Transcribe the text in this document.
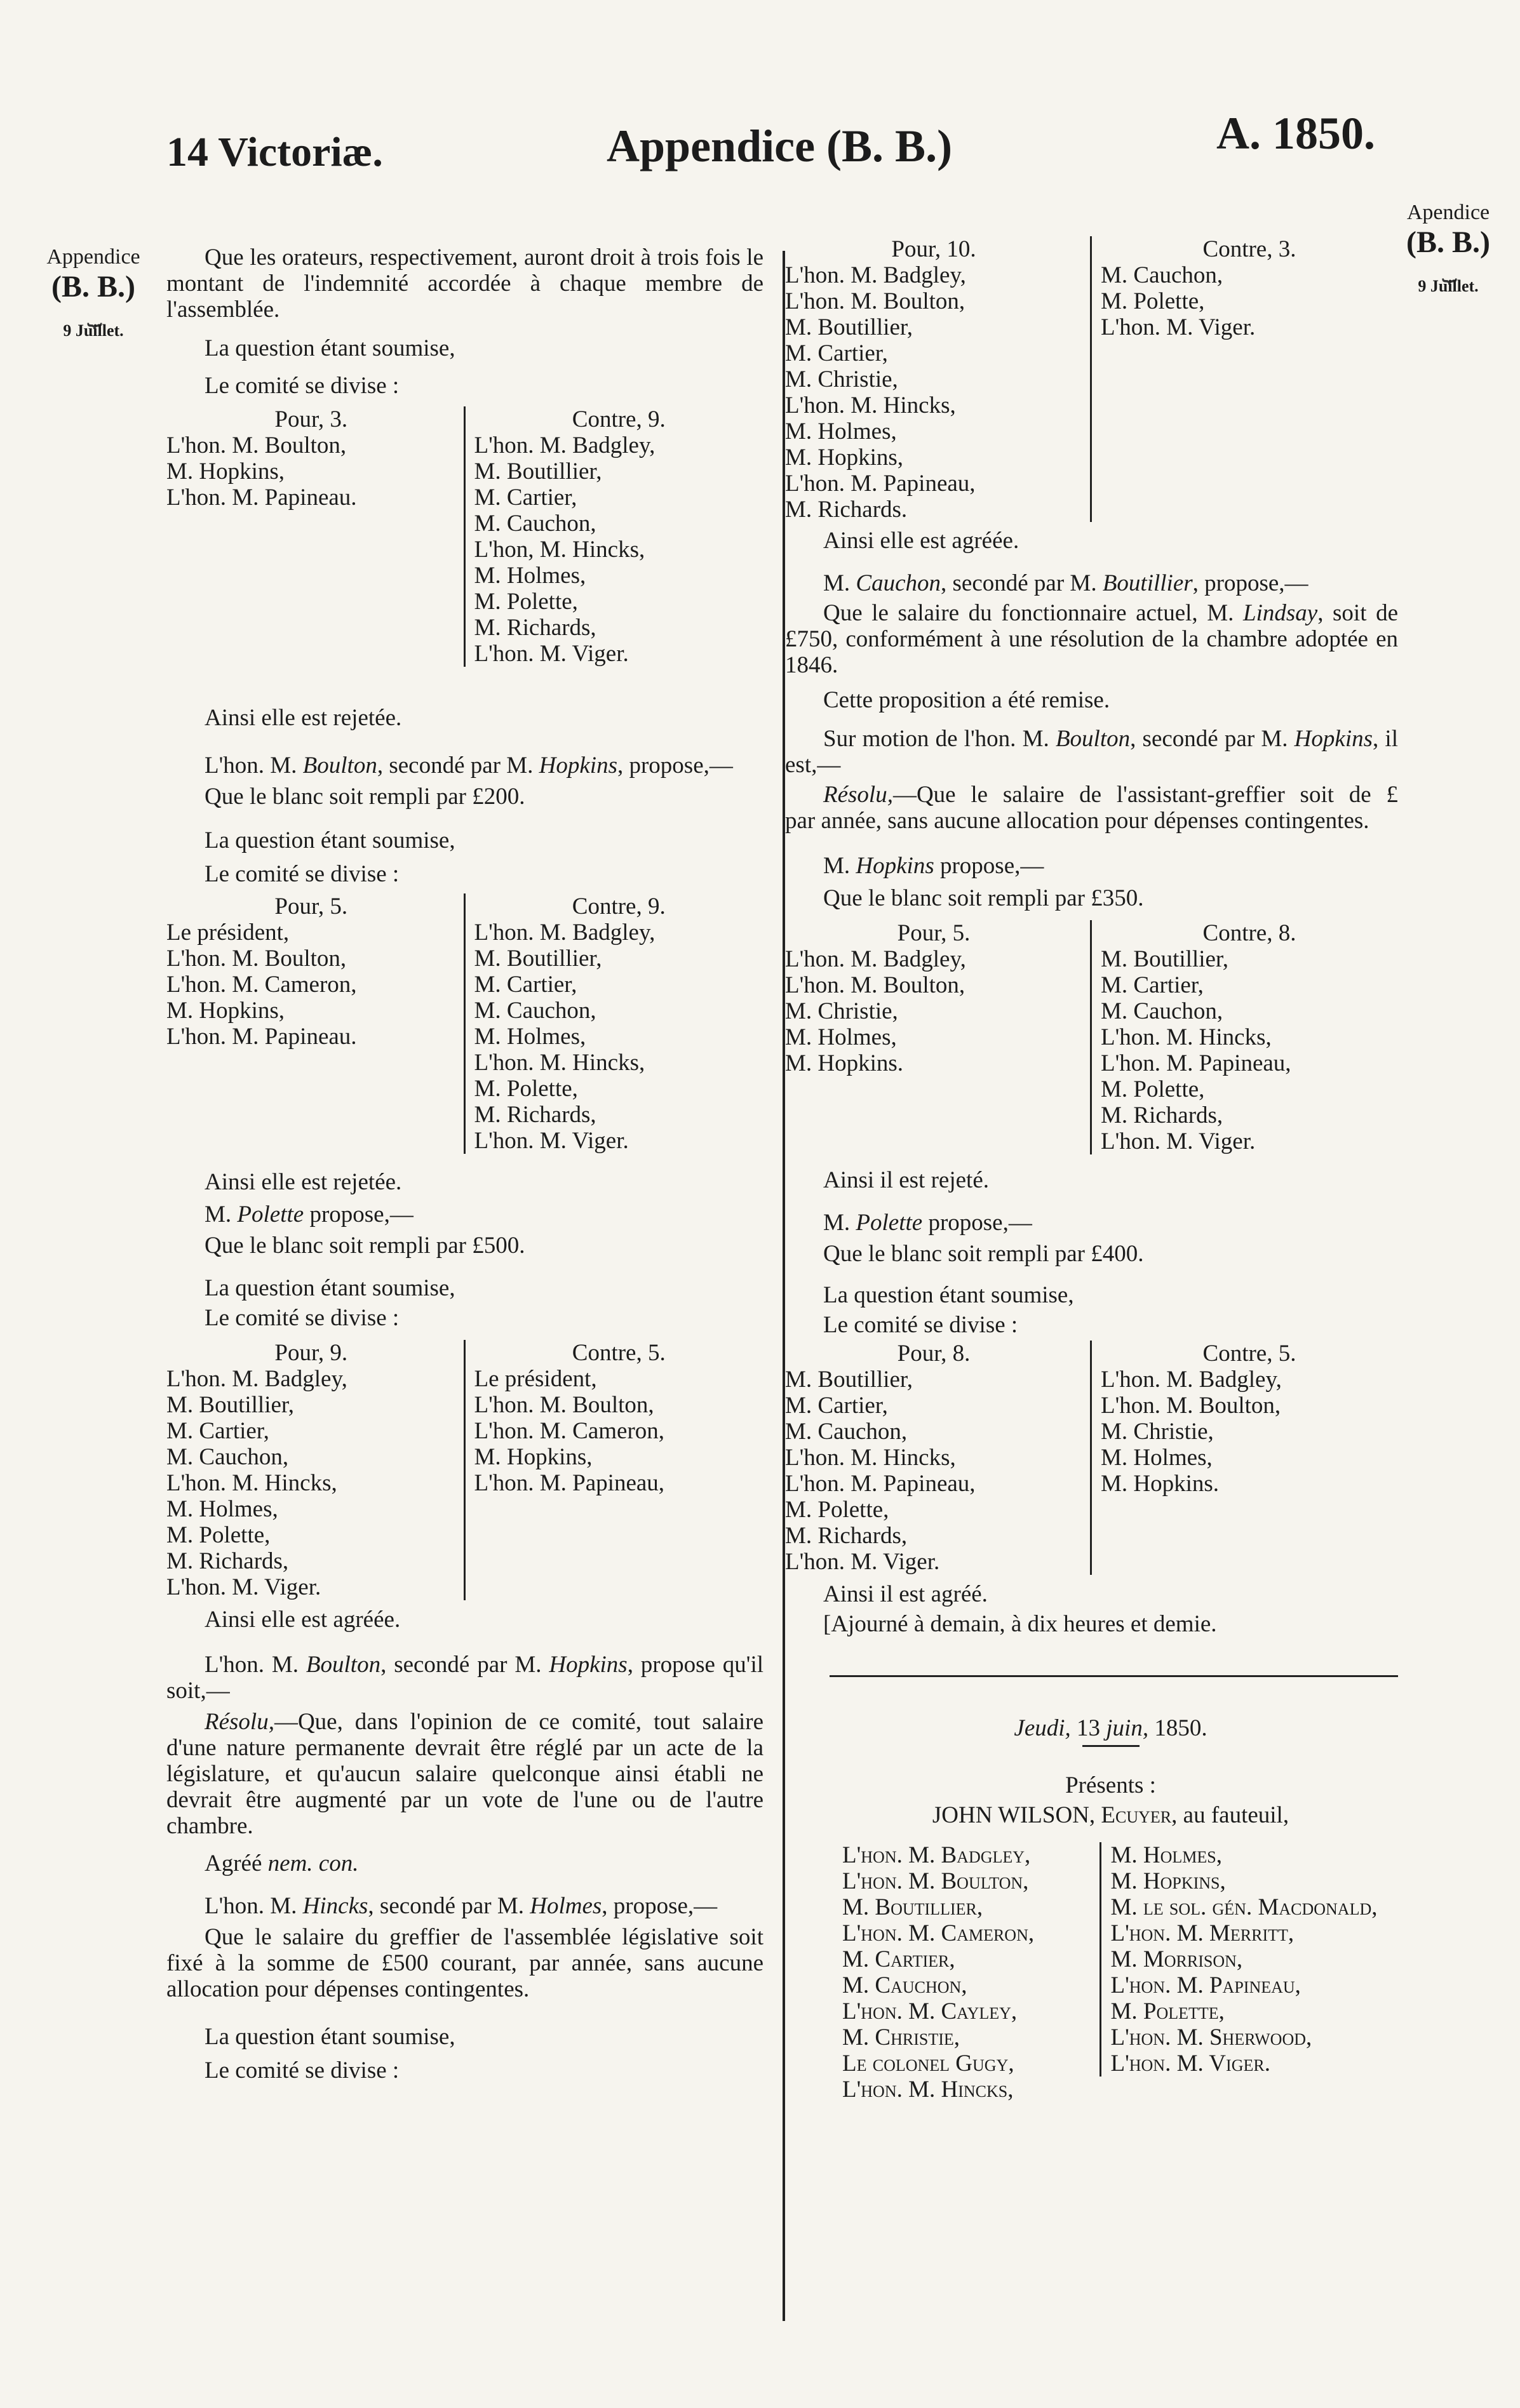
14 Victoriæ.	Appendice (B. B.)	A. 1850.
Appendice
(B. B.)
⏟
9 Juillet.
Apendice
(B. B.)
⏟
9 Juillet.

Que les orateurs, respectivement, auront droit à trois fois le montant de l'indemnité accordée à chaque membre de l'assemblée.

La question étant soumise,

Le comité se divise :

Pour, 3.
L'hon. M. Boulton,
M. Hopkins,
L'hon. M. Papineau.
Contre, 9.
L'hon. M. Badgley,
M. Boutillier,
M. Cartier,
M. Cauchon,
L'hon, M. Hincks,
M. Holmes,
M. Polette,
M. Richards,
L'hon. M. Viger.

Ainsi elle est rejetée.

L'hon. M. Boulton, secondé par M. Hopkins, propose,—

Que le blanc soit rempli par £200.

La question étant soumise,

Le comité se divise :

Pour, 5.
Le président,
L'hon. M. Boulton,
L'hon. M. Cameron,
M. Hopkins,
L'hon. M. Papineau.
Contre, 9.
L'hon. M. Badgley,
M. Boutillier,
M. Cartier,
M. Cauchon,
M. Holmes,
L'hon. M. Hincks,
M. Polette,
M. Richards,
L'hon. M. Viger.

Ainsi elle est rejetée.

M. Polette propose,—

Que le blanc soit rempli par £500.

La question étant soumise,

Le comité se divise :

Pour, 9.
L'hon. M. Badgley,
M. Boutillier,
M. Cartier,
M. Cauchon,
L'hon. M. Hincks,
M. Holmes,
M. Polette,
M. Richards,
L'hon. M. Viger.
Contre, 5.
Le président,
L'hon. M. Boulton,
L'hon. M. Cameron,
M. Hopkins,
L'hon. M. Papineau,

Ainsi elle est agréée.

L'hon. M. Boulton, secondé par M. Hopkins, propose qu'il soit,—

Résolu,—Que, dans l'opinion de ce comité, tout salaire d'une nature permanente devrait être réglé par un acte de la législature, et qu'aucun salaire quelconque ainsi établi ne devrait être augmenté par un vote de l'une ou de l'autre chambre.

Agréé nem. con.

L'hon. M. Hincks, secondé par M. Holmes, propose,—

Que le salaire du greffier de l'assemblée législative soit fixé à la somme de £500 courant, par année, sans aucune allocation pour dépenses contingentes.

La question étant soumise,

Le comité se divise :

Pour, 10.
L'hon. M. Badgley,
L'hon. M. Boulton,
M. Boutillier,
M. Cartier,
M. Christie,
L'hon. M. Hincks,
M. Holmes,
M. Hopkins,
L'hon. M. Papineau,
M. Richards.
Contre, 3.
M. Cauchon,
M. Polette,
L'hon. M. Viger.

Ainsi elle est agréée.

M. Cauchon, secondé par M. Boutillier, propose,—

Que le salaire du fonctionnaire actuel, M. Lindsay, soit de £750, conformément à une résolution de la chambre adoptée en 1846.

Cette proposition a été remise.

Sur motion de l'hon. M. Boulton, secondé par M. Hopkins, il est,—

Résolu,—Que le salaire de l'assistant-greffier soit de £       par année, sans aucune allocation pour dépenses contingentes.

M. Hopkins propose,—

Que le blanc soit rempli par £350.

Pour, 5.
L'hon. M. Badgley,
L'hon. M. Boulton,
M. Christie,
M. Holmes,
M. Hopkins.
Contre, 8.
M. Boutillier,
M. Cartier,
M. Cauchon,
L'hon. M. Hincks,
L'hon. M. Papineau,
M. Polette,
M. Richards,
L'hon. M. Viger.

Ainsi il est rejeté.

M. Polette propose,—

Que le blanc soit rempli par £400.

La question étant soumise,

Le comité se divise :

Pour, 8.
M. Boutillier,
M. Cartier,
M. Cauchon,
L'hon. M. Hincks,
L'hon. M. Papineau,
M. Polette,
M. Richards,
L'hon. M. Viger.
Contre, 5.
L'hon. M. Badgley,
L'hon. M. Boulton,
M. Christie,
M. Holmes,
M. Hopkins.

Ainsi il est agréé.

[Ajourné à demain, à dix heures et demie.

Jeudi, 13 juin, 1850.

Présents :

JOHN WILSON, Ecuyer, au fauteuil,

L'hon. M. Badgley,
L'hon. M. Boulton,
M. Boutillier,
L'hon. M. Cameron,
M. Cartier,
M. Cauchon,
L'hon. M. Cayley,
M. Christie,
Le colonel Gugy,
L'hon. M. Hincks,
M. Holmes,
M. Hopkins,
M. le sol. gén. Macdonald,
L'hon. M. Merritt,
M. Morrison,
L'hon. M. Papineau,
M. Polette,
L'hon. M. Sherwood,
L'hon. M. Viger.
